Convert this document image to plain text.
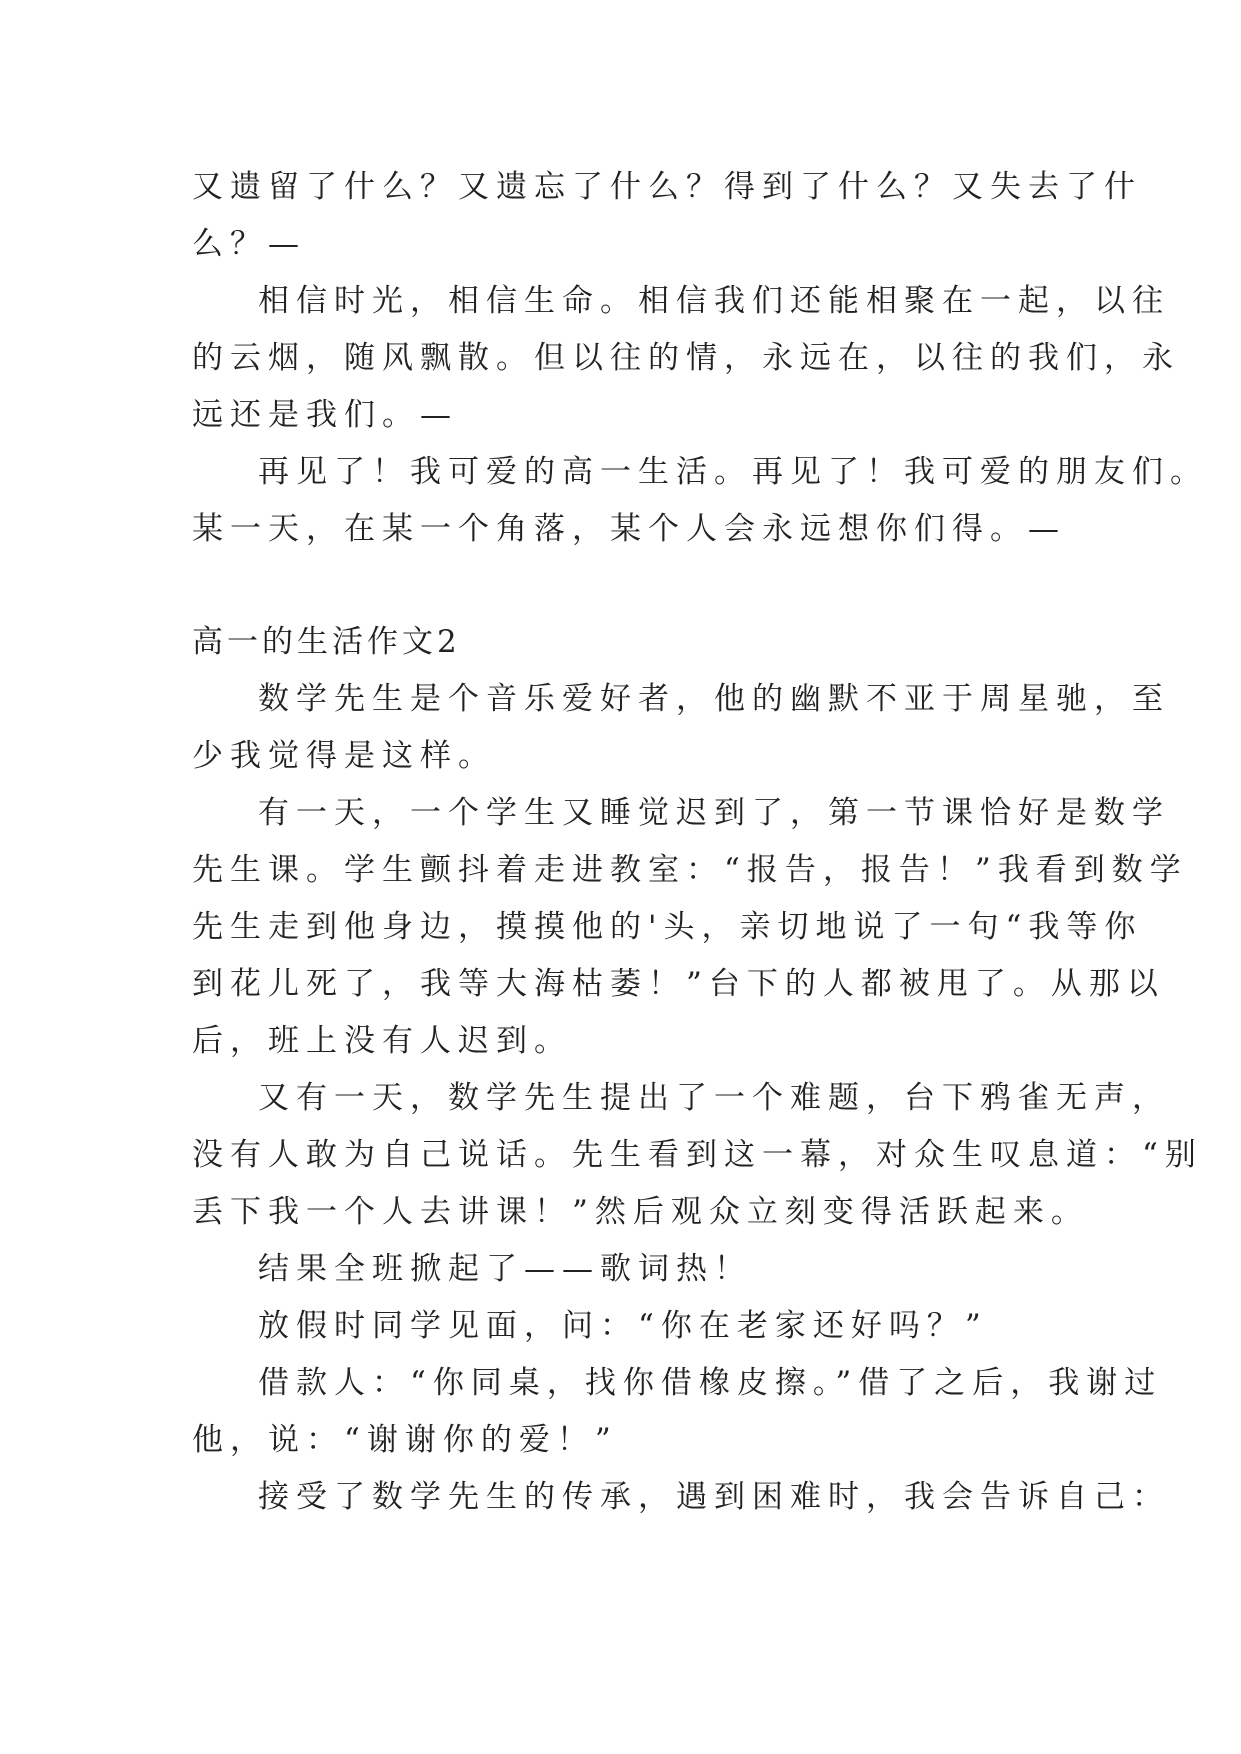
又遗留了什么？又遗忘了什么？得到了什么？又失去了什
么？—
相信时光，相信生命。相信我们还能相聚在一起，以往
的云烟，随风飘散。但以往的情，永远在，以往的我们，永
远还是我们。—
再见了！我可爱的高一生活。再见了！我可爱的朋友们。
某一天，在某一个角落，某个人会永远想你们得。—
高一的生活作文2
数学先生是个音乐爱好者，他的幽默不亚于周星驰，至
少我觉得是这样。
有一天，一个学生又睡觉迟到了，第一节课恰好是数学
先生课。学生颤抖着走进教室：“报告，报告！”我看到数学
先生走到他身边，摸摸他的'头，亲切地说了一句“我等你
到花儿死了，我等大海枯萎！”台下的人都被甩了。从那以
后，班上没有人迟到。
又有一天，数学先生提出了一个难题，台下鸦雀无声，
没有人敢为自己说话。先生看到这一幕，对众生叹息道：“别
丢下我一个人去讲课！”然后观众立刻变得活跃起来。
结果全班掀起了——歌词热！
放假时同学见面，问：“你在老家还好吗？”
借款人：“你同桌，找你借橡皮擦。”借了之后，我谢过
他，说：“谢谢你的爱！”
接受了数学先生的传承，遇到困难时，我会告诉自己：
